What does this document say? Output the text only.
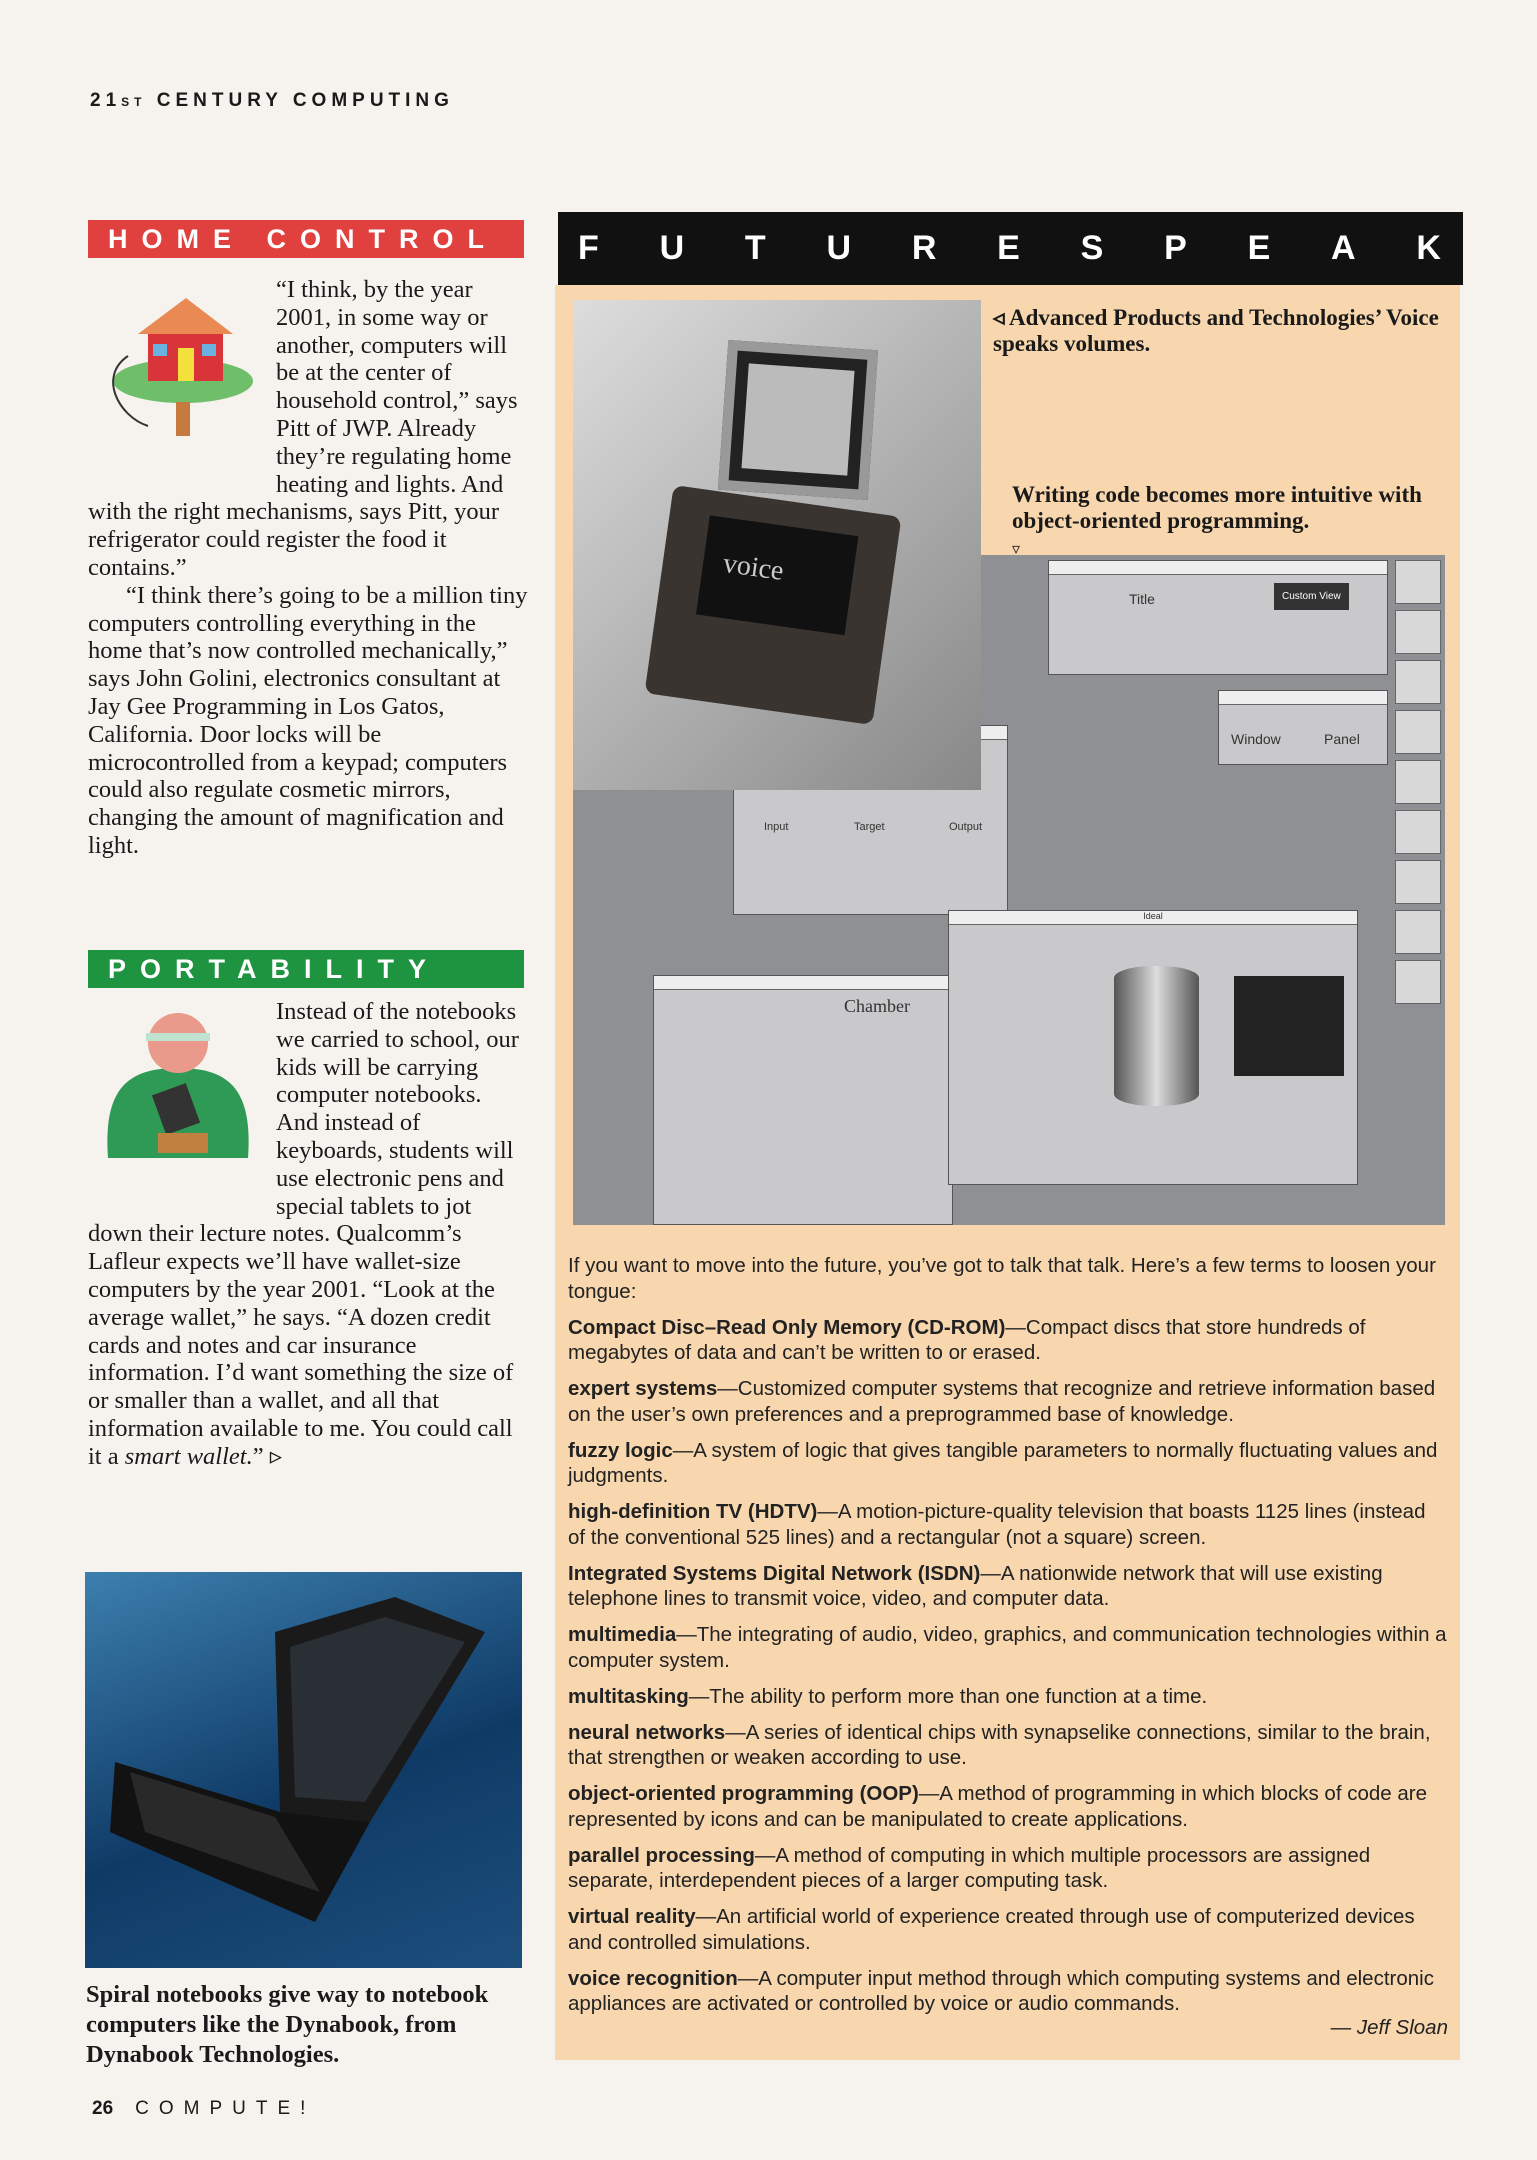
21ST CENTURY COMPUTING
HOME CONTROL

“I think, by the year 2001, in some way or another, computers will be at the center of household control,” says Pitt of JWP. Already they’re regulating home heating and lights. And with the right mechanisms, says Pitt, your refrigerator could register the food it contains.”

“I think there’s going to be a million tiny computers controlling everything in the home that’s now controlled mechanically,” says John Golini, electronics consultant at Jay Gee Programming in Los Gatos, California. Door locks will be microcontrolled from a keypad; computers could also regulate cosmetic mirrors, changing the amount of magnification and light.

PORTABILITY

Instead of the notebooks we carried to school, our kids will be carrying computer notebooks. And instead of keyboards, students will use electronic pens and special tablets to jot down their lecture notes. Qualcomm’s Lafleur expects we’ll have wallet-size computers by the year 2001. “Look at the average wallet,” he says. “A dozen credit cards and notes and car insurance information. I’d want something the size of or smaller than a wallet, and all that information available to me. You could call it a smart wallet.” ▹

Spiral notebooks give way to notebook computers like the Dynabook, from Dynabook Technologies.
26 COMPUTE!
F U T U R E S P E A K
Title	Custom View
Window	Panel
Input	Target	Output
Chamber
Ideal
voice
◃ Advanced Products and Technologies’ Voice speaks volumes.
Writing code becomes more intuitive with object-oriented programming.
▿

If you want to move into the future, you’ve got to talk that talk. Here’s a few terms to loosen your tongue:

Compact Disc–Read Only Memory (CD-ROM)—Compact discs that store hundreds of megabytes of data and can’t be written to or erased.

expert systems—Customized computer systems that recognize and retrieve information based on the user’s own preferences and a preprogrammed base of knowledge.

fuzzy logic—A system of logic that gives tangible parameters to normally fluctuating values and judgments.

high-definition TV (HDTV)—A motion-picture-quality television that boasts 1125 lines (instead of the conventional 525 lines) and a rectangular (not a square) screen.

Integrated Systems Digital Network (ISDN)—A nationwide network that will use existing telephone lines to transmit voice, video, and computer data.

multimedia—The integrating of audio, video, graphics, and communication technologies within a computer system.

multitasking—The ability to perform more than one function at a time.

neural networks—A series of identical chips with synapselike connections, similar to the brain, that strengthen or weaken according to use.

object-oriented programming (OOP)—A method of programming in which blocks of code are represented by icons and can be manipulated to create applications.

parallel processing—A method of computing in which multiple processors are assigned separate, interdependent pieces of a larger computing task.

virtual reality—An artificial world of experience created through use of computerized devices and controlled simulations.

voice recognition—A computer input method through which computing systems and electronic appliances are activated or controlled by voice or audio commands.

— Jeff Sloan
